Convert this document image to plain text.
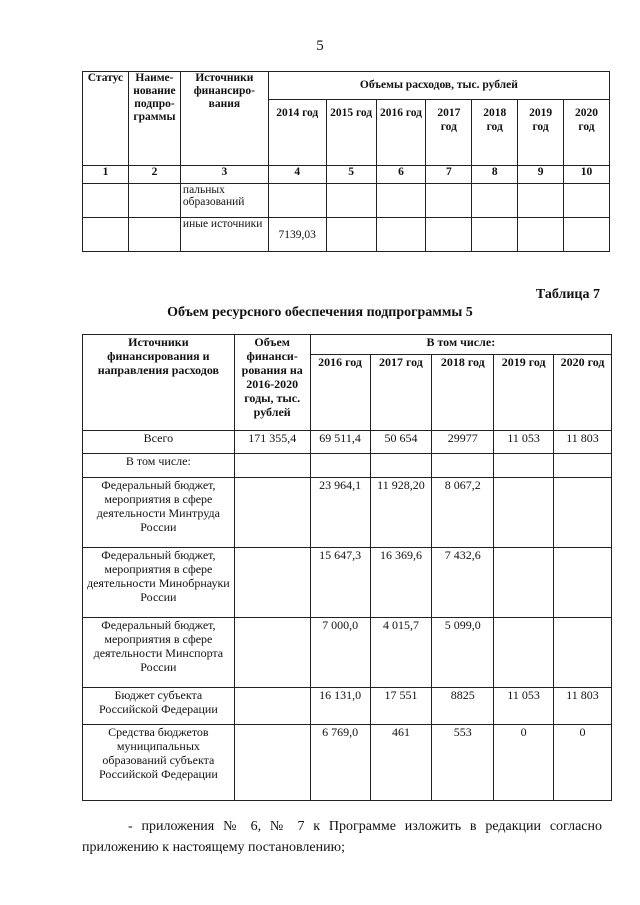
5
Статус	Наиме-нование подпро-граммы	Источники финансиро-вания	Объемы расходов, тыс. рублей						
			2014 год	2015 год	2016 год	2017 год	2018 год	2019 год	2020 год
1	2	3	4	5	6	7	8	9	10
		пальных образований							
		иные источники	7139,03						
Таблица 7
Объем ресурсного обеспечения подпрограммы 5
Источники финансирования и направления расходов	Объем финанси-рования на 2016-2020 годы, тыс. рублей	В том числе:				
		2016 год	2017 год	2018 год	2019 год	2020 год
Всего	171 355,4	69 511,4	50 654	29977	11 053	11 803
В том числе:						
Федеральный бюджет, мероприятия в сфере деятельности Минтруда России		23 964,1	11 928,20	8 067,2		
Федеральный бюджет, мероприятия в сфере деятельности Минобрнауки России		15 647,3	16 369,6	7 432,6		
Федеральный бюджет, мероприятия в сфере деятельности Минспорта России		7 000,0	4 015,7	5 099,0		
Бюджет субъекта Российской Федерации		16 131,0	17 551	8825	11 053	11 803
Средства бюджетов муниципальных образований субъекта Российской Федерации		6 769,0	461	553	0	0
- приложения № 6, № 7 к Программе изложить в редакции согласно приложению к настоящему постановлению;
